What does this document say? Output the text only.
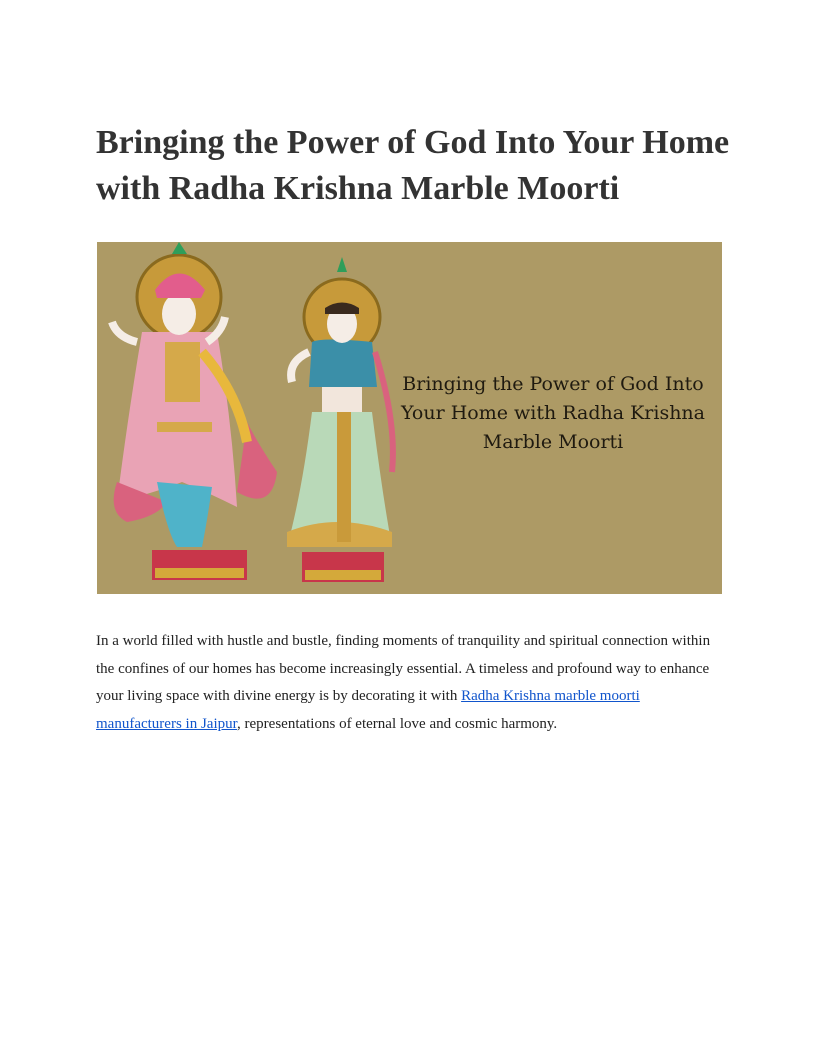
Bringing the Power of God Into Your Home with Radha Krishna Marble Moorti
Bringing the Power of God Into Your Home with Radha Krishna Marble Moorti

In a world filled with hustle and bustle, finding moments of tranquility and spiritual connection within the confines of our homes has become increasingly essential. A timeless and profound way to enhance your living space with divine energy is by decorating it with Radha Krishna marble moorti manufacturers in Jaipur, representations of eternal love and cosmic harmony.
